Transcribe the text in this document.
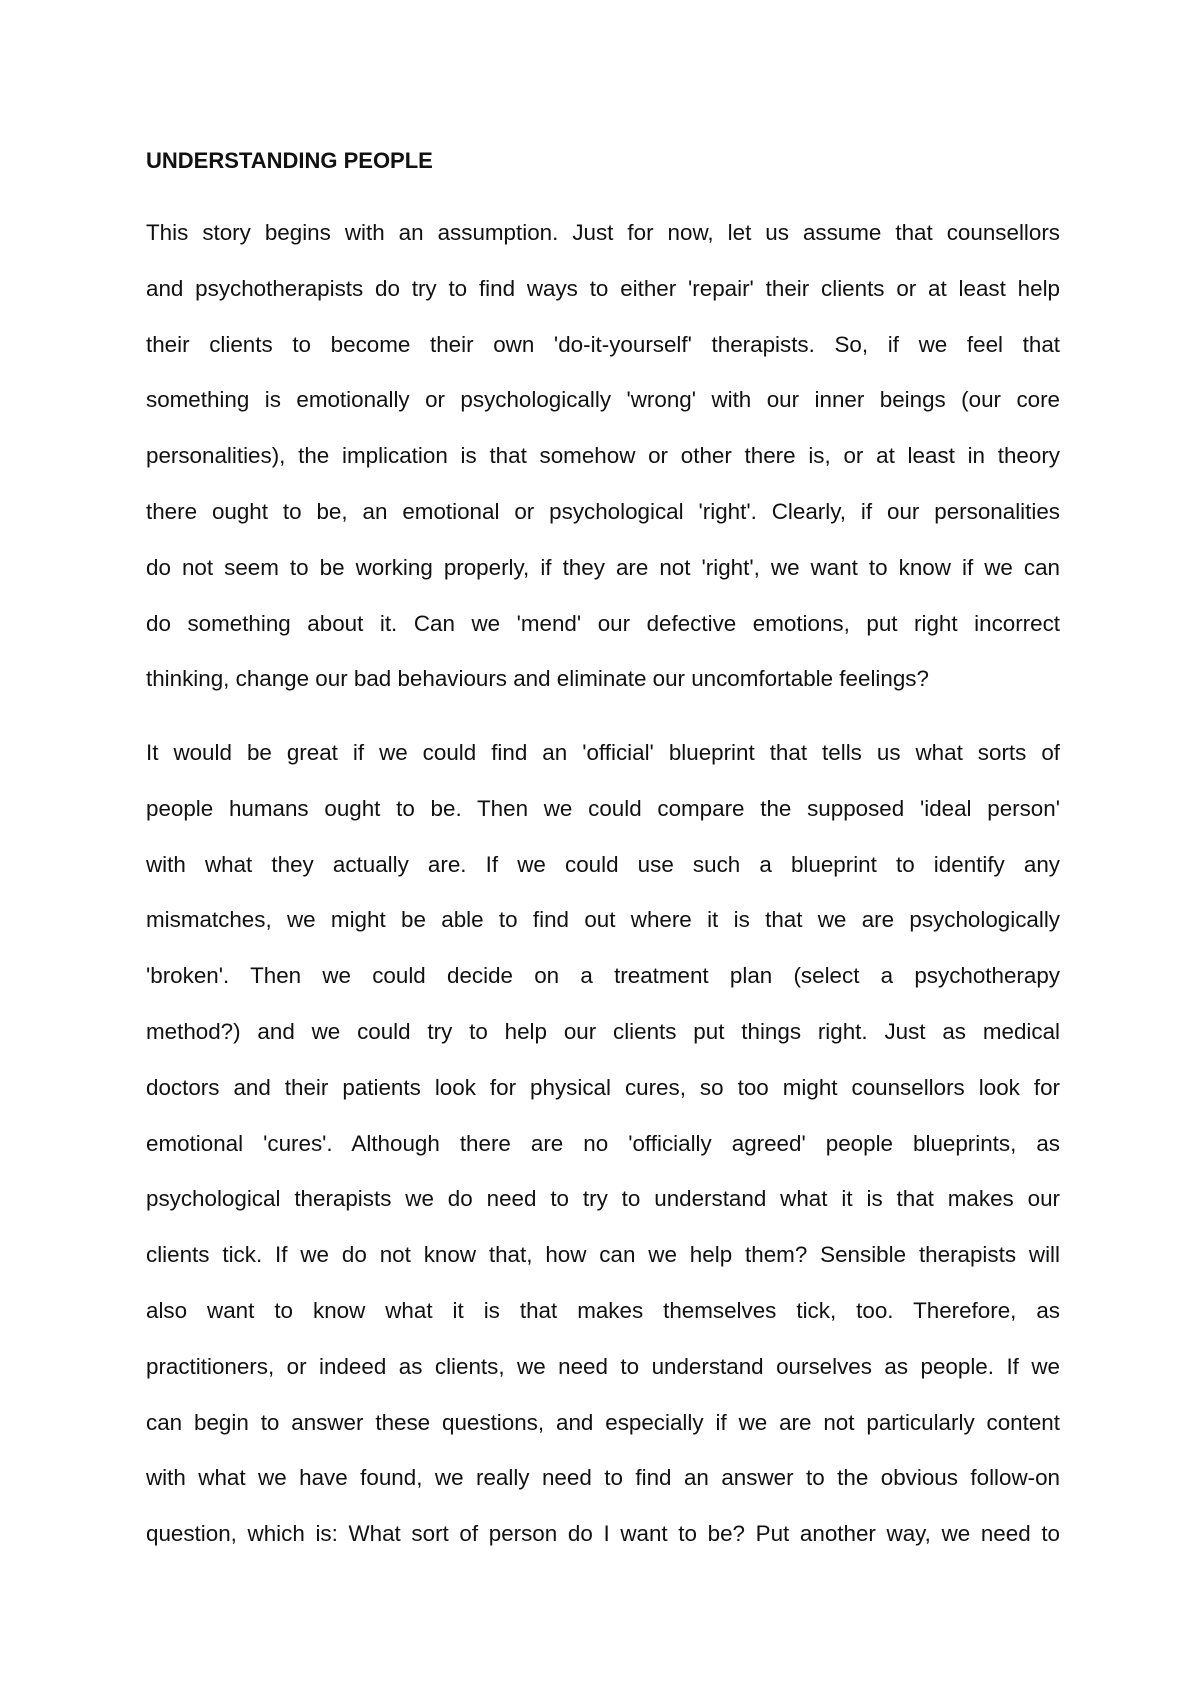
UNDERSTANDING PEOPLE
This story begins with an assumption. Just for now, let us assume that counsellors
and psychotherapists do try to find ways to either 'repair' their clients or at least help
their clients to become their own 'do-it-yourself' therapists. So, if we feel that
something is emotionally or psychologically 'wrong' with our inner beings (our core
personalities), the implication is that somehow or other there is, or at least in theory
there ought to be, an emotional or psychological 'right'. Clearly, if our personalities
do not seem to be working properly, if they are not 'right', we want to know if we can
do something about it. Can we 'mend' our defective emotions, put right incorrect
thinking, change our bad behaviours and eliminate our uncomfortable feelings?
It would be great if we could find an 'official' blueprint that tells us what sorts of
people humans ought to be. Then we could compare the supposed 'ideal person'
with what they actually are. If we could use such a blueprint to identify any
mismatches, we might be able to find out where it is that we are psychologically
'broken'. Then we could decide on a treatment plan (select a psychotherapy
method?) and we could try to help our clients put things right. Just as medical
doctors and their patients look for physical cures, so too might counsellors look for
emotional 'cures'. Although there are no 'officially agreed' people blueprints, as
psychological therapists we do need to try to understand what it is that makes our
clients tick. If we do not know that, how can we help them? Sensible therapists will
also want to know what it is that makes themselves tick, too. Therefore, as
practitioners, or indeed as clients, we need to understand ourselves as people. If we
can begin to answer these questions, and especially if we are not particularly content
with what we have found, we really need to find an answer to the obvious follow-on
question, which is: What sort of person do I want to be? Put another way, we need to
